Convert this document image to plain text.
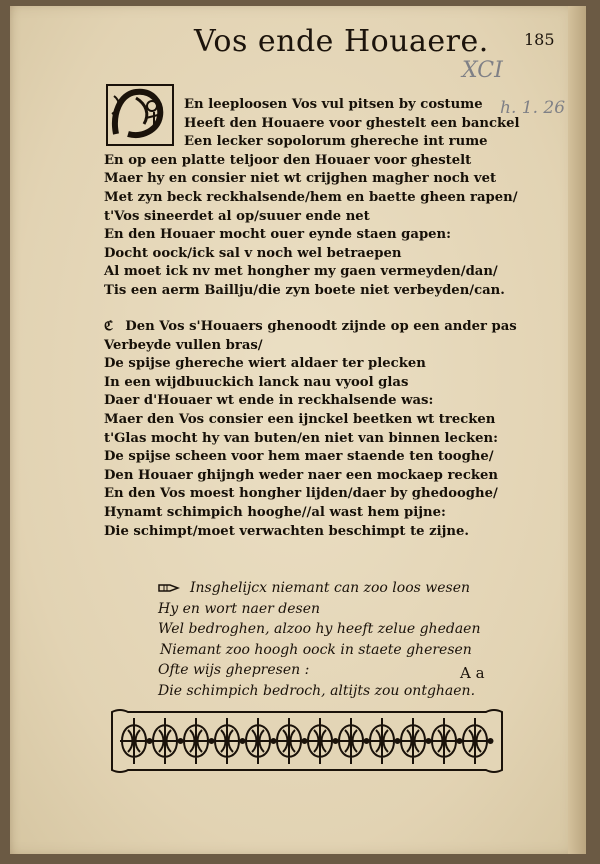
Vos ende Houaere. 185
XCI
h. 1. 26
En leeploosen Vos vul pitsen by costume
Heeft den Houaere voor ghestelt een banckel
Een lecker sopolorum ghereche int rume
En op een platte teljoor den Houaer voor ghestelt
Maer hy en consier niet wt crijghen magher noch vet
Met zyn beck reckhalsende/hem en baette gheen rapen/
t'Vos sineerdet al op/suuer ende net
En den Houaer mocht ouer eynde staen gapen:
Docht oock/ick sal v noch wel betraepen
Al moet ick nv met hongher my gaen vermeyden/dan/
Tis een aerm Baillju/die zyn boete niet verbeyden/can.
ℭ Den Vos s'Houaers ghenoodt zijnde op een ander pas
Verbeyde vullen bras/
De spijse ghereche wiert aldaer ter plecken
In een wijdbuuckich lanck nau vyool glas
Daer d'Houaer wt ende in reckhalsende was:
Maer den Vos consier een ijnckel beetken wt trecken
t'Glas mocht hy van buten/en niet van binnen lecken:
De spijse scheen voor hem maer staende ten tooghe/
Den Houaer ghijngh weder naer een mockaep recken
En den Vos moest hongher lijden/daer by ghedooghe/
Hynamt schimpich hooghe//al wast hem pijne:
Die schimpt/moet verwachten beschimpt te zijne.
Insghelijcx niemant can zoo loos wesen
Hy en wort naer desen
Wel bedroghen, alzoo hy heeft zelue ghedaen
Niemant zoo hoogh oock in staete gheresen
Ofte wijs ghepresen :
Die schimpich bedroch, altijts zou ontghaen.
A a
